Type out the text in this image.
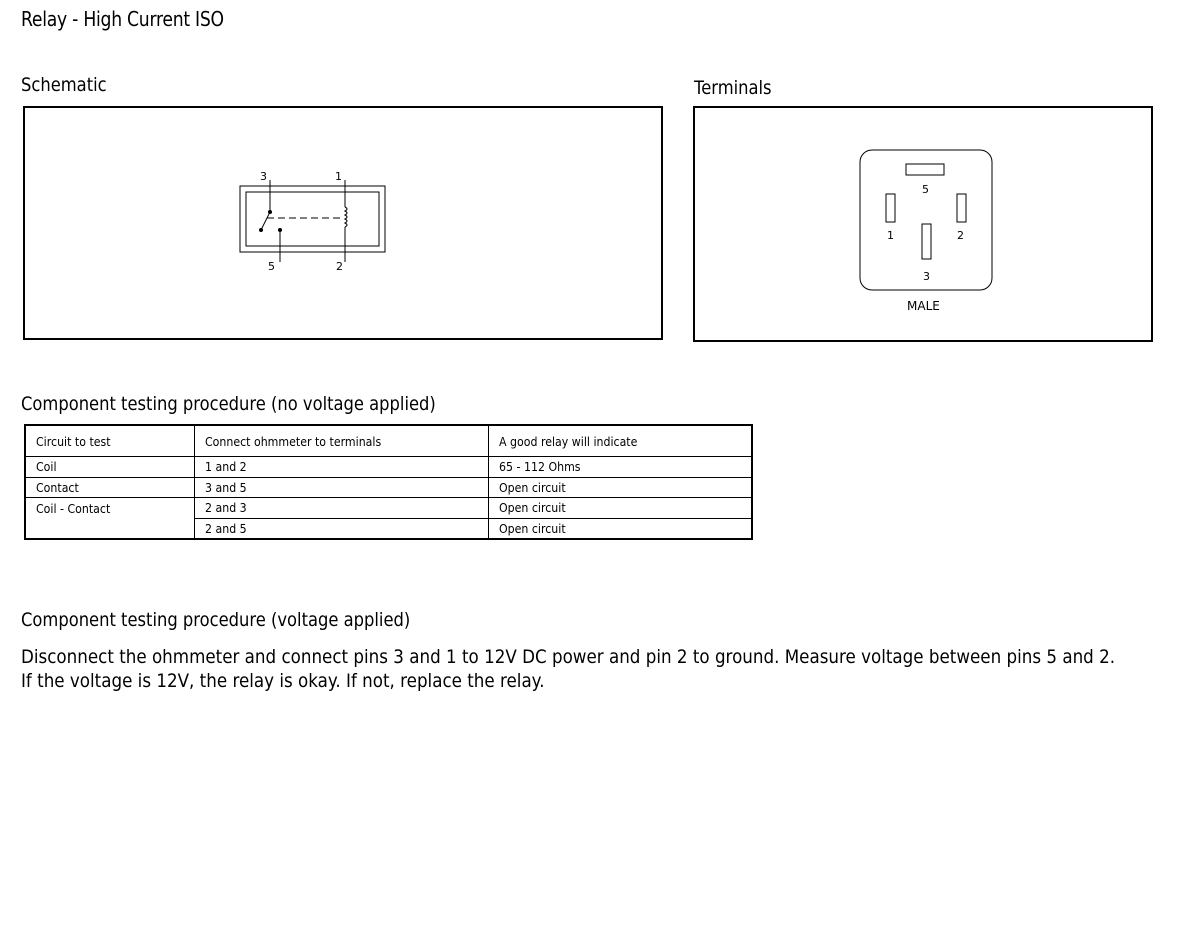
Relay - High Current ISO
Schematic
3	1
5	2
Terminals
5
1	2
3
MALE
Component testing procedure (no voltage applied)
Circuit to test	Connect ohmmeter to terminals	A good relay will indicate
Coil	1 and 2	65 - 112 Ohms
Contact	3 and 5	Open circuit
Coil - Contact	2 and 3	Open circuit
	2 and 5	Open circuit
Component testing procedure (voltage applied)
Disconnect the ohmmeter and connect pins 3 and 1 to 12V DC power and pin 2 to ground. Measure voltage between pins 5 and 2. If the voltage is 12V, the relay is okay. If not, replace the relay.
